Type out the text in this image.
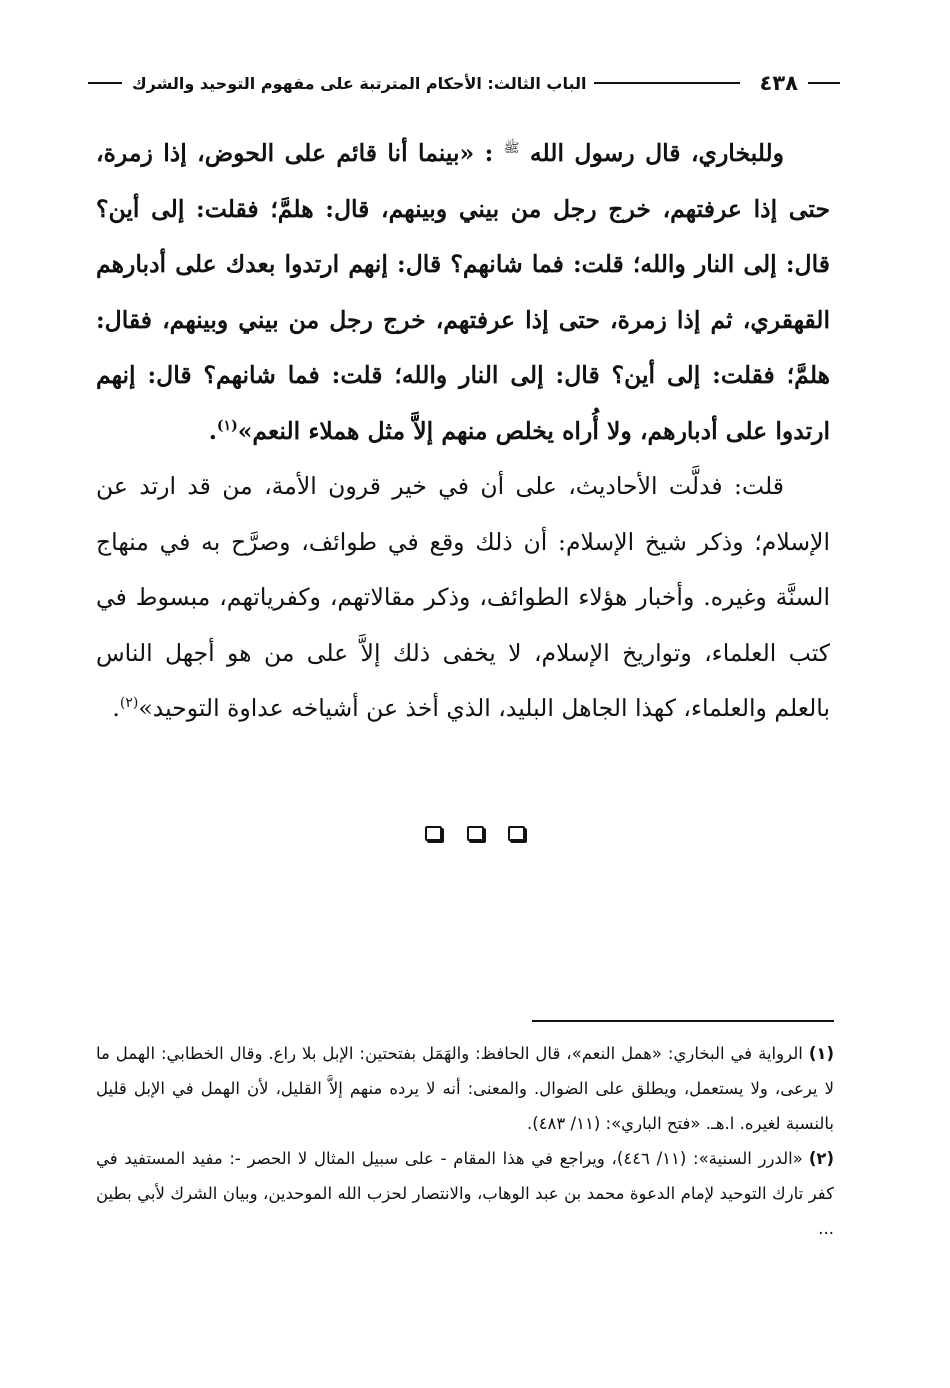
٤٣٨
الباب الثالث: الأحكام المترتبة على مفهوم التوحيد والشرك

وللبخاري، قال رسول الله $^ﷺ$ : «بينما أنا قائم على الحوض، إذا زمرة، حتى إذا عرفتهم، خرج رجل من بيني وبينهم، قال: هلمَّ؛ فقلت: إلى أين؟ قال: إلى النار والله؛ قلت: فما شانهم؟ قال: إنهم ارتدوا بعدك على أدبارهم القهقري، ثم إذا زمرة، حتى إذا عرفتهم، خرج رجل من بيني وبينهم، فقال: هلمَّ؛ فقلت: إلى أين؟ قال: إلى النار والله؛ قلت: فما شانهم؟ قال: إنهم ارتدوا على أدبارهم، ولا أُراه يخلص منهم إلاَّ مثل هملاء النعم»$^{(١)}$.

قلت: فدلَّت الأحاديث، على أن في خير قرون الأمة، من قد ارتد عن الإسلام؛ وذكر شيخ الإسلام: أن ذلك وقع في طوائف، وصرَّح به في منهاج السنَّة وغيره. وأخبار هؤلاء الطوائف، وذكر مقالاتهم، وكفرياتهم، مبسوط في كتب العلماء، وتواريخ الإسلام، لا يخفى ذلك إلاَّ على من هو أجهل الناس بالعلم والعلماء، كهذا الجاهل البليد، الذي أخذ عن أشياخه عداوة التوحيد»$^{(٢)}$.

(١)الرواية في البخاري: «همل النعم»، قال الحافظ: والهَمَل بفتحتين: الإبل بلا راع. وقال الخطابي: الهمل ما لا يرعى، ولا يستعمل، ويطلق على الضوال. والمعنى: أنه لا يرده منهم إلاَّ القليل، لأن الهمل في الإبل قليل بالنسبة لغيره. ا.هـ. «فتح الباري»: (١١/ ٤٨٣).

(٢)«الدرر السنية»: (١١/ ٤٤٦)، ويراجع في هذا المقام - على سبيل المثال لا الحصر -: مفيد المستفيد في كفر تارك التوحيد لإمام الدعوة محمد بن عبد الوهاب، والانتصار لحزب الله الموحدين، وبيان الشرك لأبي بطين ...
